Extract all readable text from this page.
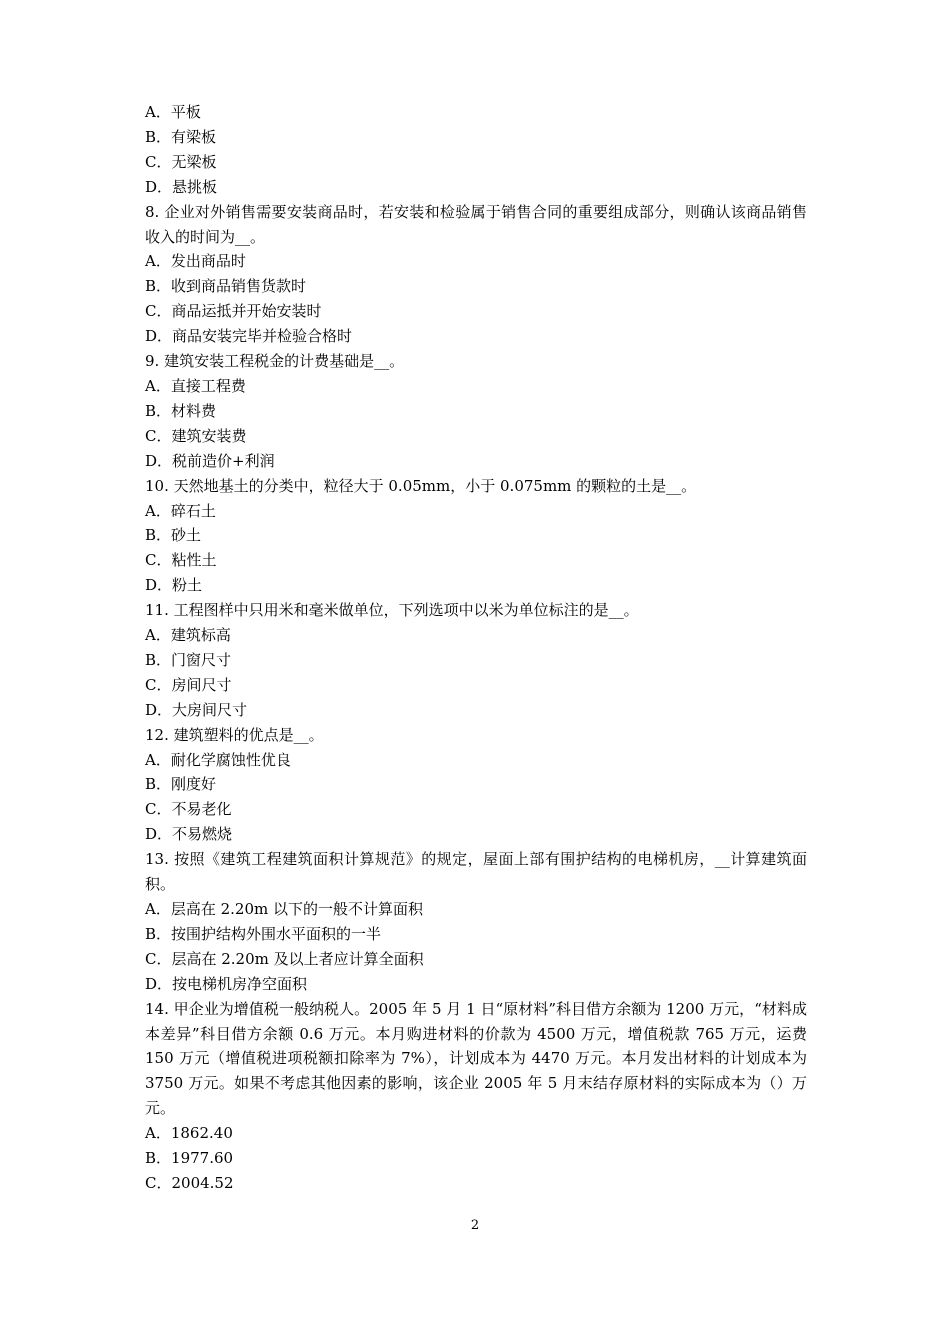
A．平板
B．有梁板
C．无梁板
D．悬挑板
8. 企业对外销售需要安装商品时，若安装和检验属于销售合同的重要组成部分，则确认该商品销售收入的时间为__。
A．发出商品时
B．收到商品销售货款时
C．商品运抵并开始安装时
D．商品安装完毕并检验合格时
9. 建筑安装工程税金的计费基础是__。
A．直接工程费
B．材料费
C．建筑安装费
D．税前造价+利润
10. 天然地基土的分类中，粒径大于 0.05mm，小于 0.075mm 的颗粒的土是__。
A．碎石土
B．砂土
C．粘性土
D．粉土
11. 工程图样中只用米和毫米做单位，下列选项中以米为单位标注的是__。
A．建筑标高
B．门窗尺寸
C．房间尺寸
D．大房间尺寸
12. 建筑塑料的优点是__。
A．耐化学腐蚀性优良
B．刚度好
C．不易老化
D．不易燃烧
13. 按照《建筑工程建筑面积计算规范》的规定，屋面上部有围护结构的电梯机房，__计算建筑面积。
A．层高在 2.20m 以下的一般不计算面积
B．按围护结构外围水平面积的一半
C．层高在 2.20m 及以上者应计算全面积
D．按电梯机房净空面积
14. 甲企业为增值税一般纳税人。2005 年 5 月 1 日“原材料”科目借方余额为 1200 万元，“材料成本差异”科目借方余额 0.6 万元。本月购进材料的价款为 4500 万元，增值税款 765 万元，运费 150 万元（增值税进项税额扣除率为 7%），计划成本为 4470 万元。本月发出材料的计划成本为 3750 万元。如果不考虑其他因素的影响，该企业 2005 年 5 月末结存原材料的实际成本为（）万元。
A．1862.40
B．1977.60
C．2004.52
2
